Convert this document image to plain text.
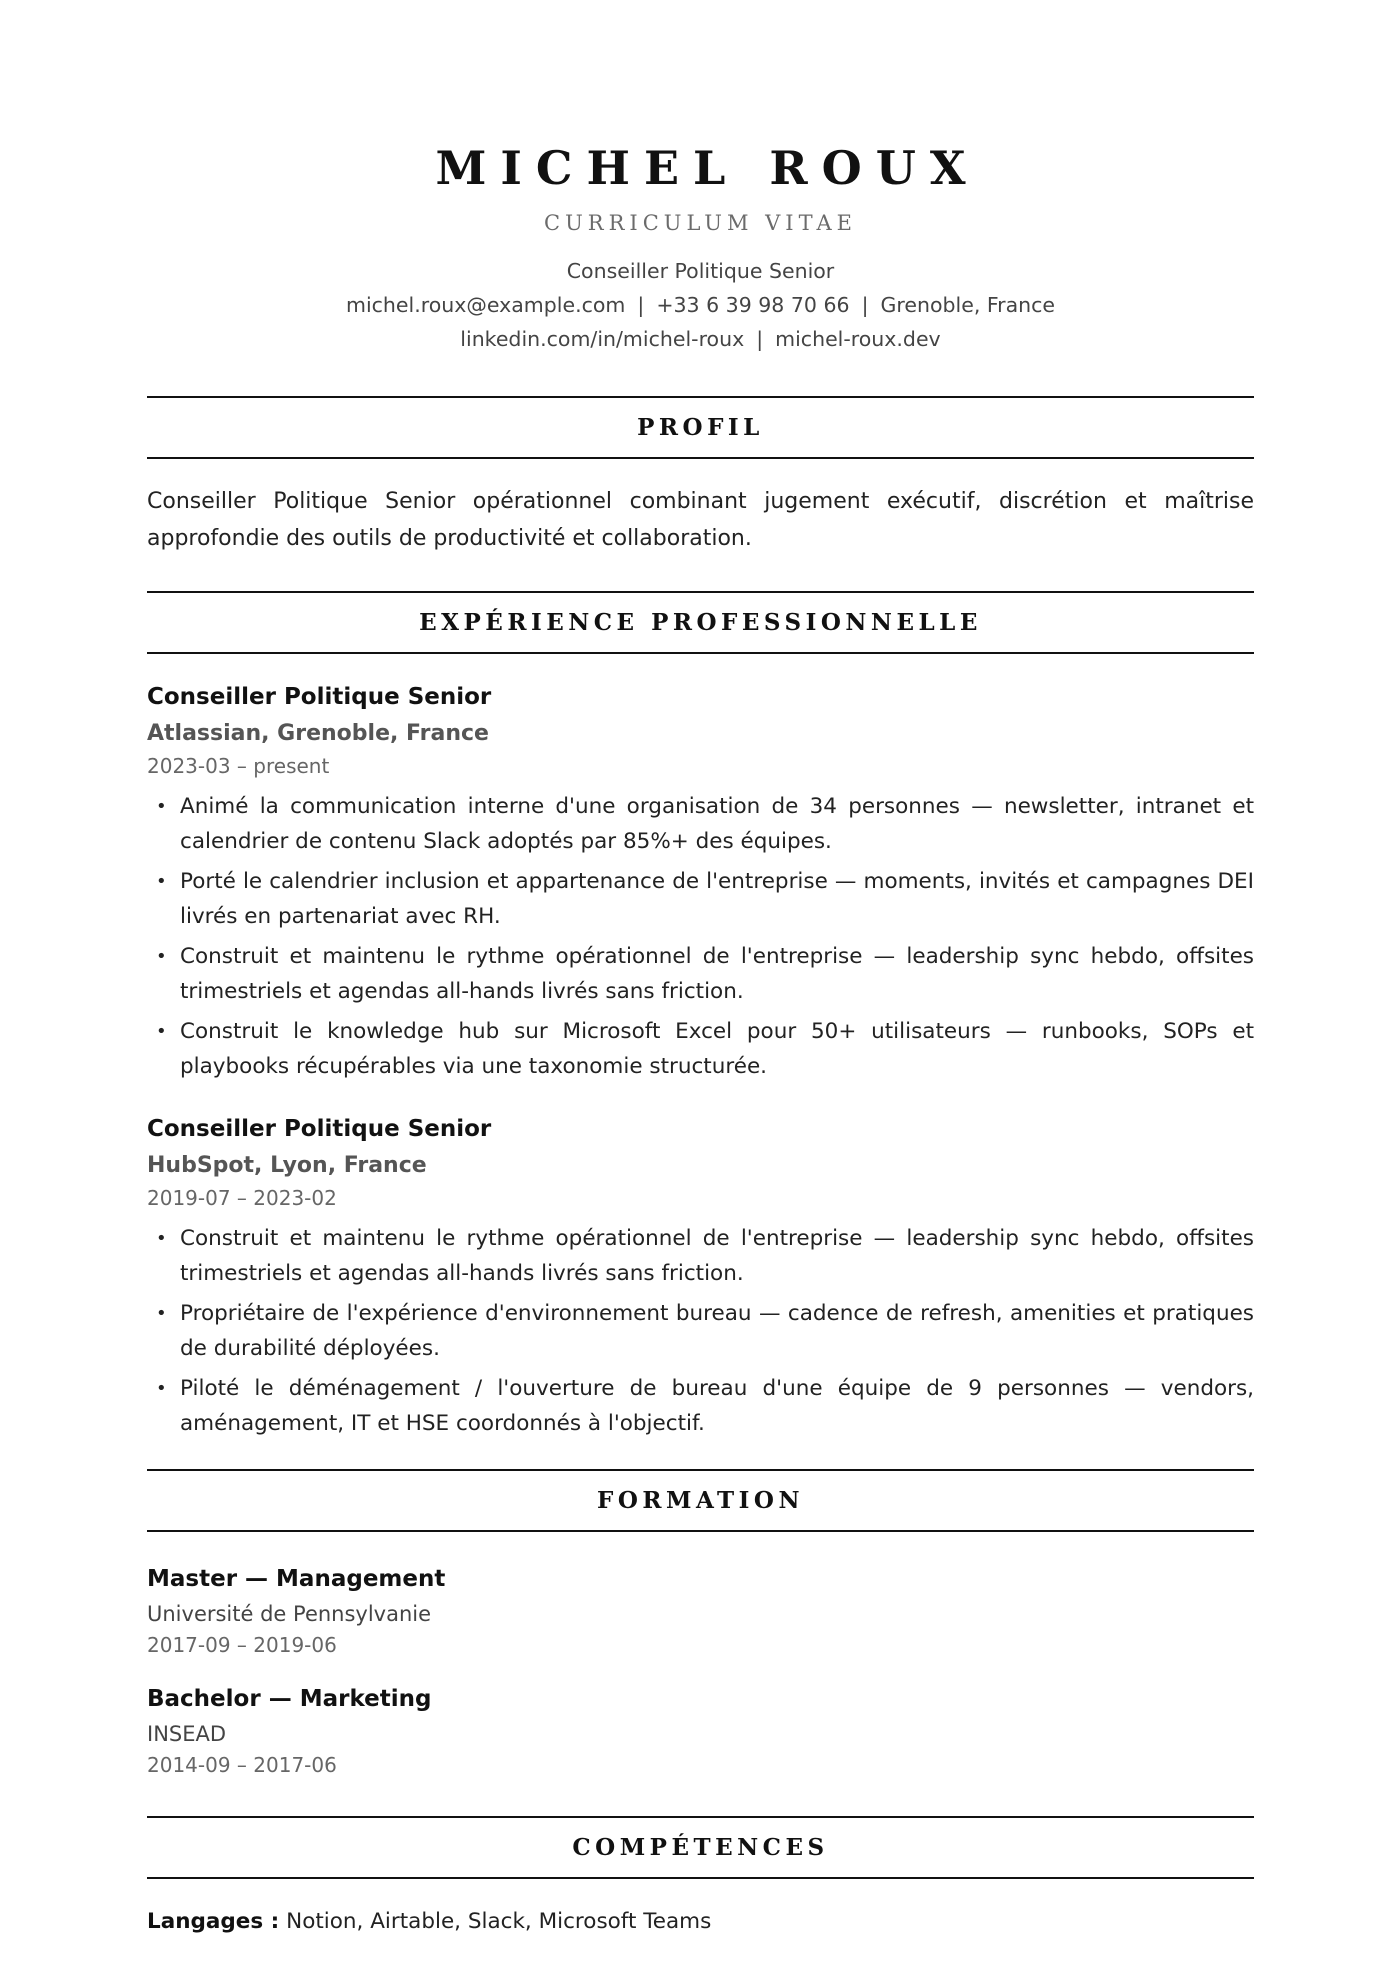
MICHEL ROUX
CURRICULUM VITAE
Conseiller Politique Senior
michel.roux@example.com | +33 6 39 98 70 66 | Grenoble, France
linkedin.com/in/michel-roux | michel-roux.dev
PROFIL

Conseiller Politique Senior opérationnel combinant jugement exécutif, discrétion et maîtrise approfondie des outils de productivité et collaboration.

EXPÉRIENCE PROFESSIONNELLE
Conseiller Politique Senior
Atlassian, Grenoble, France
2023-03 – present
• Animé la communication interne d'une organisation de 34 personnes — newsletter, intranet et calendrier de contenu Slack adoptés par 85%+ des équipes.
• Porté le calendrier inclusion et appartenance de l'entreprise — moments, invités et campagnes DEI livrés en partenariat avec RH.
• Construit et maintenu le rythme opérationnel de l'entreprise — leadership sync hebdo, offsites trimestriels et agendas all-hands livrés sans friction.
• Construit le knowledge hub sur Microsoft Excel pour 50+ utilisateurs — runbooks, SOPs et playbooks récupérables via une taxonomie structurée.
Conseiller Politique Senior
HubSpot, Lyon, France
2019-07 – 2023-02
• Construit et maintenu le rythme opérationnel de l'entreprise — leadership sync hebdo, offsites trimestriels et agendas all-hands livrés sans friction.
• Propriétaire de l'expérience d'environnement bureau — cadence de refresh, amenities et pratiques de durabilité déployées.
• Piloté le déménagement / l'ouverture de bureau d'une équipe de 9 personnes — vendors, aménagement, IT et HSE coordonnés à l'objectif.
FORMATION
Master — Management
Université de Pennsylvanie
2017-09 – 2019-06
Bachelor — Marketing
INSEAD
2014-09 – 2017-06
COMPÉTENCES
Langages : Notion, Airtable, Slack, Microsoft Teams
